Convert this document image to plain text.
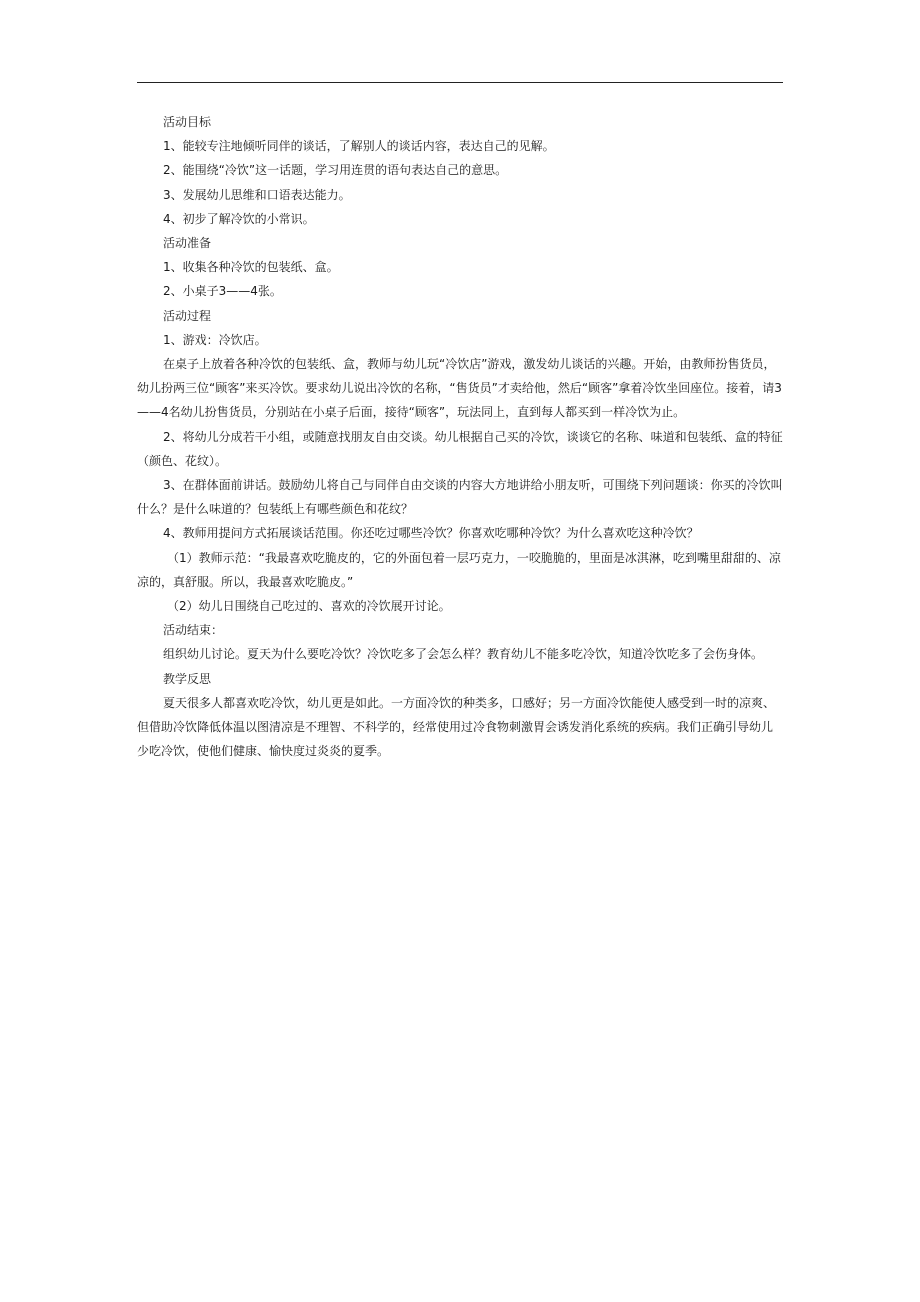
活动目标

1、能较专注地倾听同伴的谈话，了解别人的谈话内容，表达自己的见解。

2、能围绕“冷饮”这一话题，学习用连贯的语句表达自己的意思。

3、发展幼儿思维和口语表达能力。

4、初步了解冷饮的小常识。

活动准备

1、收集各种冷饮的包装纸、盒。

2、小桌子3——4张。

活动过程

1、游戏：冷饮店。

在桌子上放着各种冷饮的包装纸、盒，教师与幼儿玩“冷饮店”游戏，激发幼儿谈话的兴趣。开始，由教师扮售货员，幼儿扮两三位“顾客”来买冷饮。要求幼儿说出冷饮的名称，“售货员”才卖给他，然后“顾客”拿着冷饮坐回座位。接着，请3——4名幼儿扮售货员，分别站在小桌子后面，接待“顾客”，玩法同上，直到每人都买到一样冷饮为止。

2、将幼儿分成若干小组，或随意找朋友自由交谈。幼儿根据自己买的冷饮，谈谈它的名称、味道和包装纸、盒的特征（颜色、花纹）。

3、在群体面前讲话。鼓励幼儿将自己与同伴自由交谈的内容大方地讲给小朋友听，可围绕下列问题谈：你买的冷饮叫什么？是什么味道的？包装纸上有哪些颜色和花纹？

4、教师用提问方式拓展谈话范围。你还吃过哪些冷饮？你喜欢吃哪种冷饮？为什么喜欢吃这种冷饮？

（1）教师示范：“我最喜欢吃脆皮的，它的外面包着一层巧克力，一咬脆脆的，里面是冰淇淋，吃到嘴里甜甜的、凉凉的，真舒服。所以，我最喜欢吃脆皮。”

（2）幼儿日围绕自己吃过的、喜欢的冷饮展开讨论。

活动结束：

组织幼儿讨论。夏天为什么要吃冷饮？冷饮吃多了会怎么样？教育幼儿不能多吃冷饮，知道冷饮吃多了会伤身体。

教学反思

夏天很多人都喜欢吃冷饮，幼儿更是如此。一方面冷饮的种类多，口感好；另一方面冷饮能使人感受到一时的凉爽、但借助冷饮降低体温以图清凉是不理智、不科学的，经常使用过冷食物刺激胃会诱发消化系统的疾病。我们正确引导幼儿少吃冷饮，使他们健康、愉快度过炎炎的夏季。
